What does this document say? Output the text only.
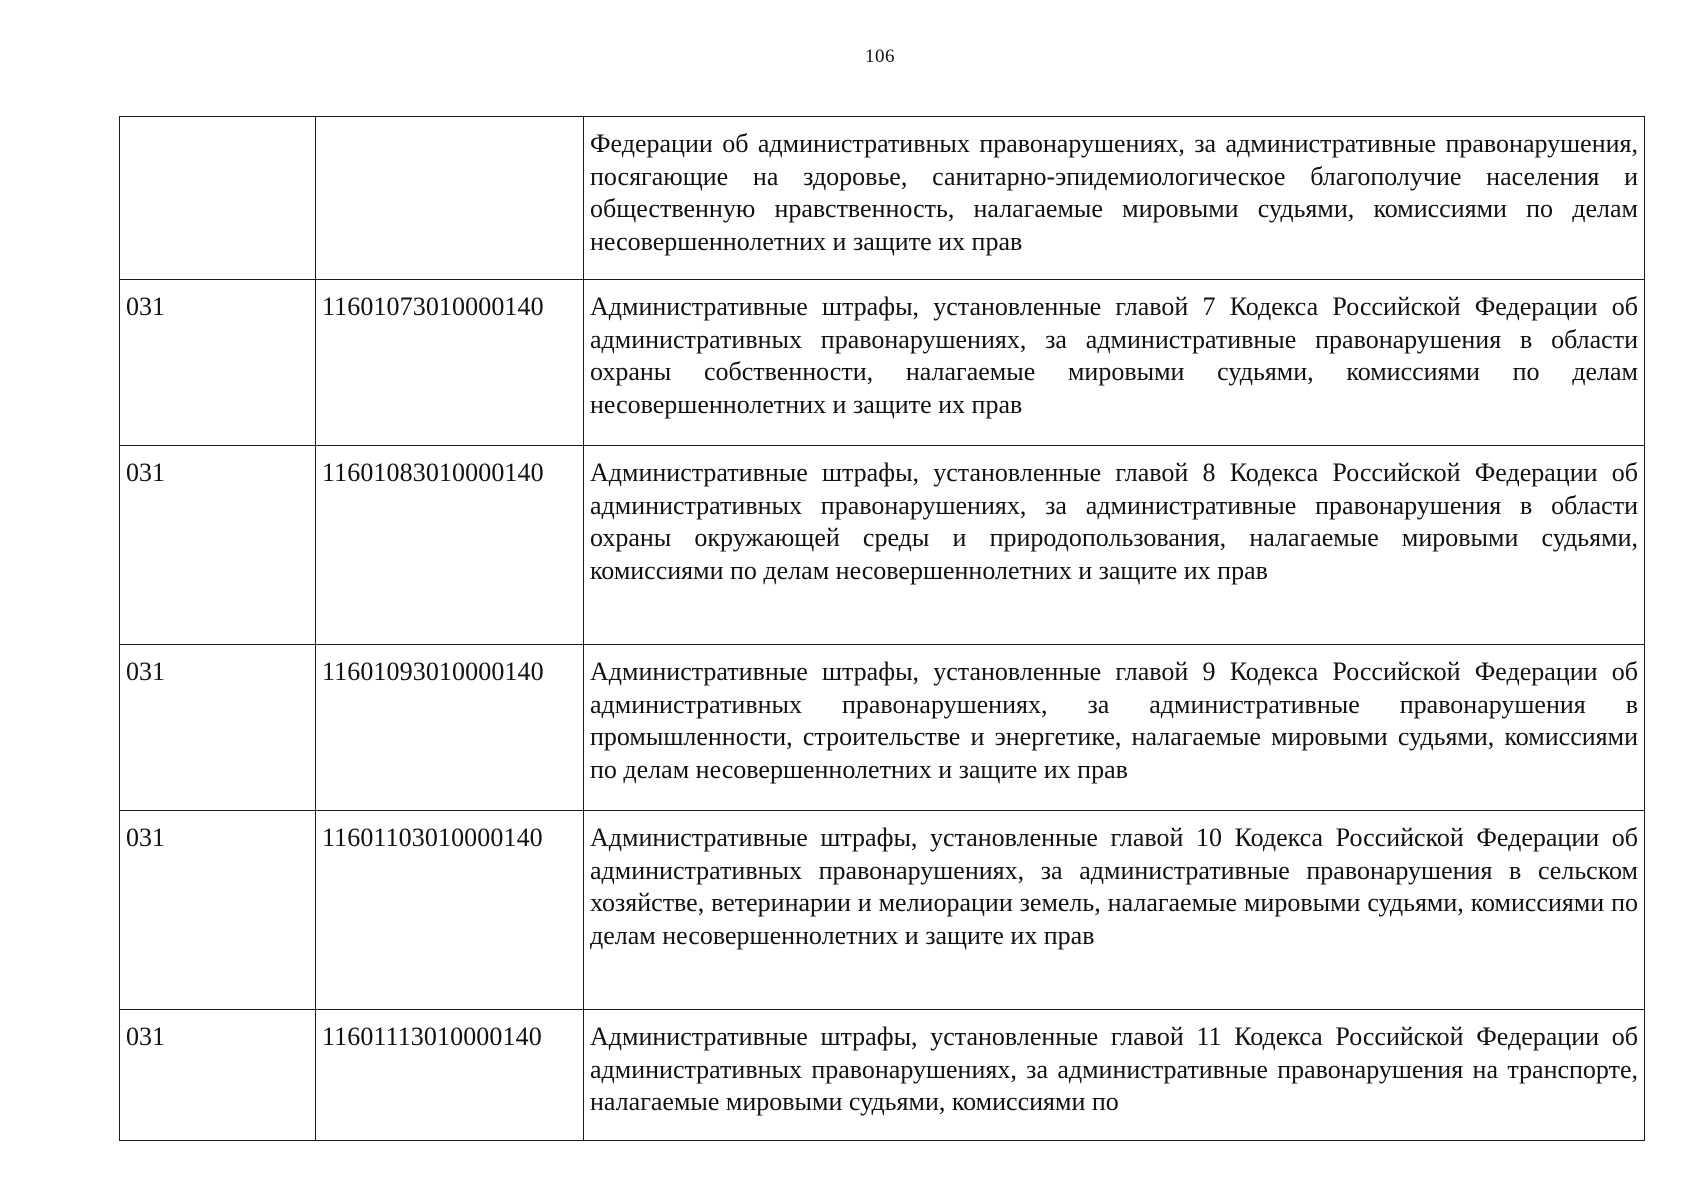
106
		Федерации об административных правонарушениях, за административные правонарушения, посягающие на здоровье, санитарно-эпидемиологическое благополучие населения и общественную нравственность, налагаемые мировыми судьями, комиссиями по делам несовершеннолетних и защите их прав
031	11601073010000140	Административные штрафы, установленные главой 7 Кодекса Российской Федерации об административных правонарушениях, за административные правонарушения в области охраны собственности, налагаемые мировыми судьями, комиссиями по делам несовершеннолетних и защите их прав
031	11601083010000140	Административные штрафы, установленные главой 8 Кодекса Российской Федерации об административных правонарушениях, за административные правонарушения в области охраны окружающей среды и природопользования, налагаемые мировыми судьями, комиссиями по делам несовершеннолетних и защите их прав
031	11601093010000140	Административные штрафы, установленные главой 9 Кодекса Российской Федерации об административных правонарушениях, за административные правонарушения в промышленности, строительстве и энергетике, налагаемые мировыми судьями, комиссиями по делам несовершеннолетних и защите их прав
031	11601103010000140	Административные штрафы, установленные главой 10 Кодекса Российской Федерации об административных правонарушениях, за административные правонарушения в сельском хозяйстве, ветеринарии и мелиорации земель, налагаемые мировыми судьями, комиссиями по делам несовершеннолетних и защите их прав
031	11601113010000140	Административные штрафы, установленные главой 11 Кодекса Российской Федерации об административных правонарушениях, за административные правонарушения на транспорте, налагаемые мировыми судьями, комиссиями по
